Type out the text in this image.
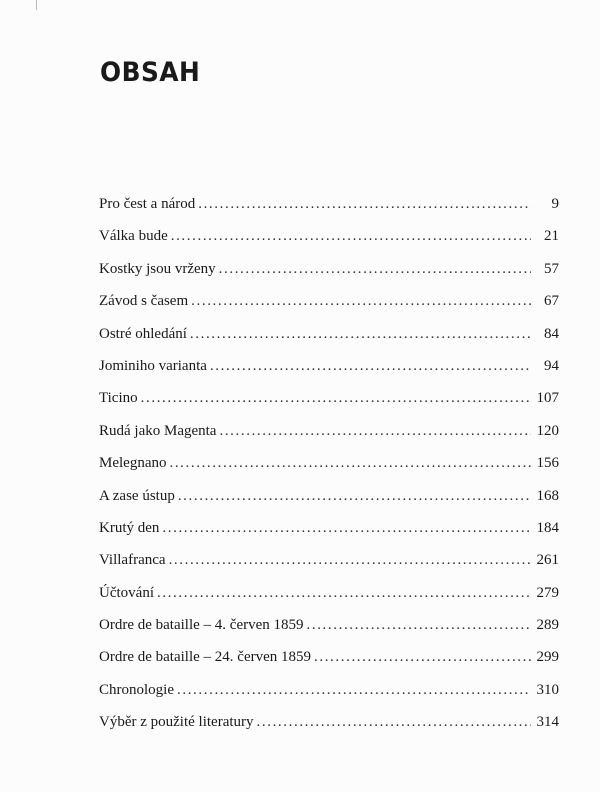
OBSAH
Pro čest a národ .....	9
Válka bude .....	21
Kostky jsou vrženy .....	57
Závod s časem .....	67
Ostré ohledání .....	84
Jominiho varianta .....	94
Ticino .....	107
Rudá jako Magenta .....	120
Melegnano .....	156
A zase ústup .....	168
Krutý den .....	184
Villafranca .....	261
Účtování .....	279
Ordre de bataille – 4. červen 1859 .....	289
Ordre de bataille – 24. červen 1859 .....	299
Chronologie .....	310
Výběr z použité literatury .....	314
